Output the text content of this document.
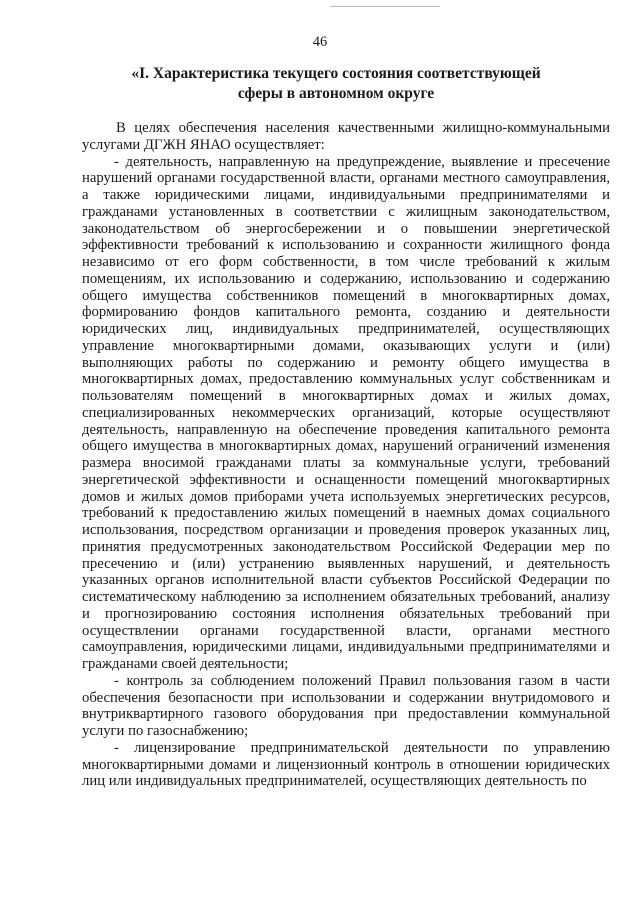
46
«I. Характеристика текущего состояния соответствующей
сферы в автономном округе

В целях обеспечения населения качественными жилищно-коммунальными услугами ДГЖН ЯНАО осуществляет:

- деятельность, направленную на предупреждение, выявление и пресечение нарушений органами государственной власти, органами местного самоуправления, а также юридическими лицами, индивидуальными предпринимателями и гражданами установленных в соответствии с жилищным законодательством, законодательством об энергосбережении и о повышении энергетической эффективности требований к использованию и сохранности жилищного фонда независимо от его форм собственности, в том числе требований к жилым помещениям, их использованию и содержанию, использованию и содержанию общего имущества собственников помещений в многоквартирных домах, формированию фондов капитального ремонта, созданию и деятельности юридических лиц, индивидуальных предпринимателей, осуществляющих управление многоквартирными домами, оказывающих услуги и (или) выполняющих работы по содержанию и ремонту общего имущества в многоквартирных домах, предоставлению коммунальных услуг собственникам и пользователям помещений в многоквартирных домах и жилых домах, специализированных некоммерческих организаций, которые осуществляют деятельность, направленную на обеспечение проведения капитального ремонта общего имущества в многоквартирных домах, нарушений ограничений изменения размера вносимой гражданами платы за коммунальные услуги, требований энергетической эффективности и оснащенности помещений многоквартирных домов и жилых домов приборами учета используемых энергетических ресурсов, требований к предоставлению жилых помещений в наемных домах социального использования, посредством организации и проведения проверок указанных лиц, принятия предусмотренных законодательством Российской Федерации мер по пресечению и (или) устранению выявленных нарушений, и деятельность указанных органов исполнительной власти субъектов Российской Федерации по систематическому наблюдению за исполнением обязательных требований, анализу и прогнозированию состояния исполнения обязательных требований при осуществлении органами государственной власти, органами местного самоуправления, юридическими лицами, индивидуальными предпринимателями и гражданами своей деятельности;

- контроль за соблюдением положений Правил пользования газом в части обеспечения безопасности при использовании и содержании внутридомового и внутриквартирного газового оборудования при предоставлении коммунальной услуги по газоснабжению;

- лицензирование предпринимательской деятельности по управлению многоквартирными домами и лицензионный контроль в отношении юридических лиц или индивидуальных предпринимателей, осуществляющих деятельность по
